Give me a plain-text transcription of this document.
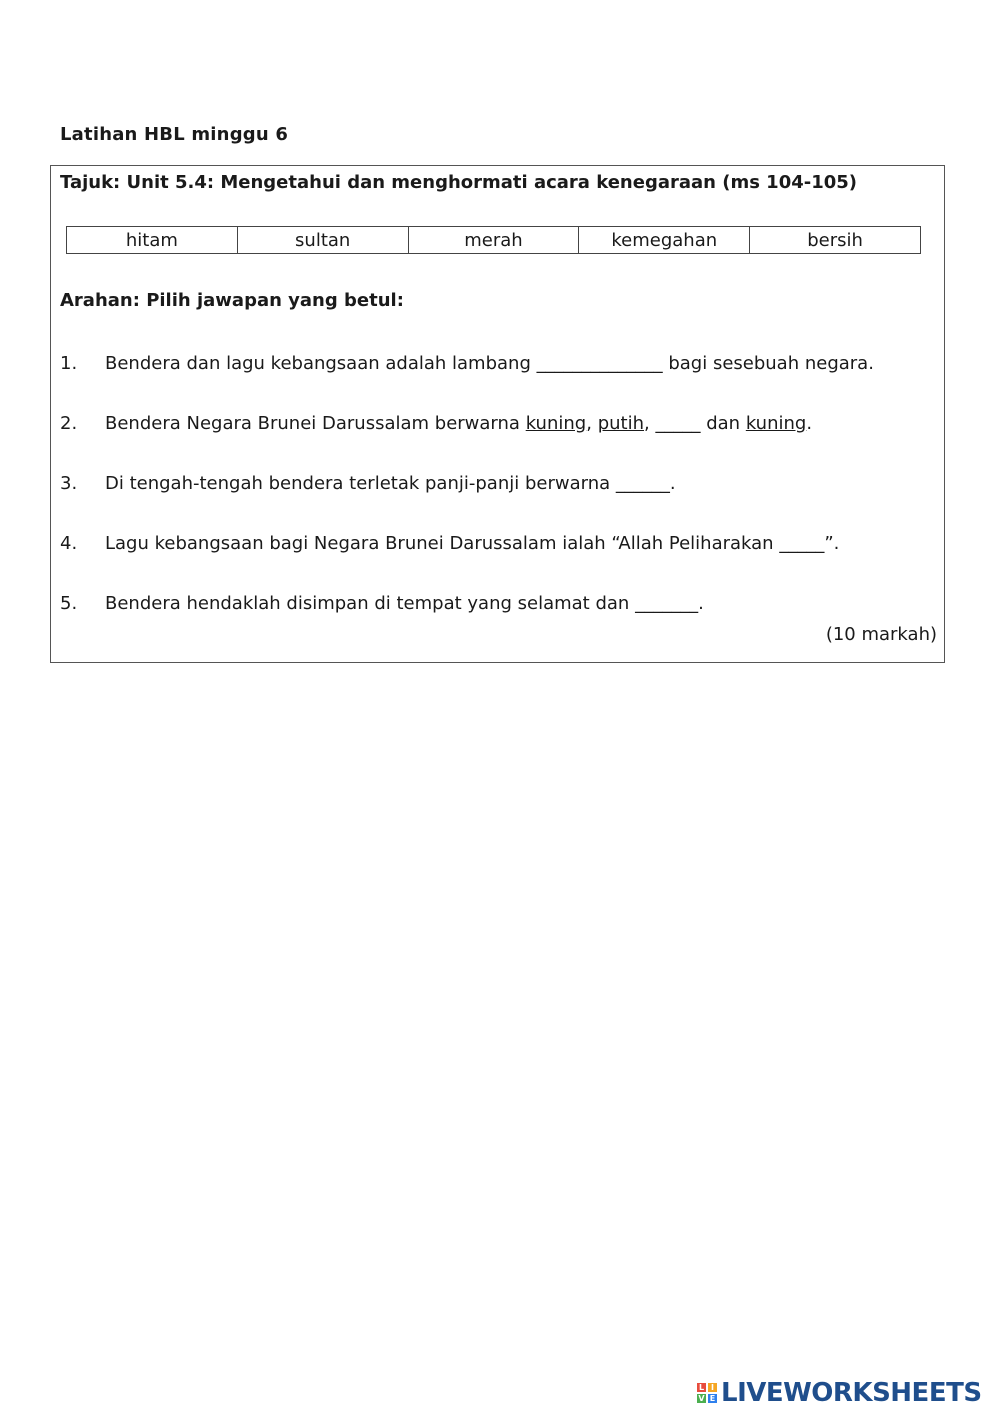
Latihan HBL minggu 6
Tajuk: Unit 5.4: Mengetahui dan menghormati acara kenegaraan (ms 104-105)
hitam	sultan	merah	kemegahan	bersih
Arahan: Pilih jawapan yang betul:
1. Bendera dan lagu kebangsaan adalah lambang ______________ bagi sesebuah negara.
2. Bendera Negara Brunei Darussalam berwarna kuning, putih, _____ dan kuning.
3. Di tengah-tengah bendera terletak panji-panji berwarna ______.
4. Lagu kebangsaan bagi Negara Brunei Darussalam ialah “Allah Peliharakan _____”.
5. Bendera hendaklah disimpan di tempat yang selamat dan _______.
(10 markah)
L I
V E LIVEWORKSHEETS
